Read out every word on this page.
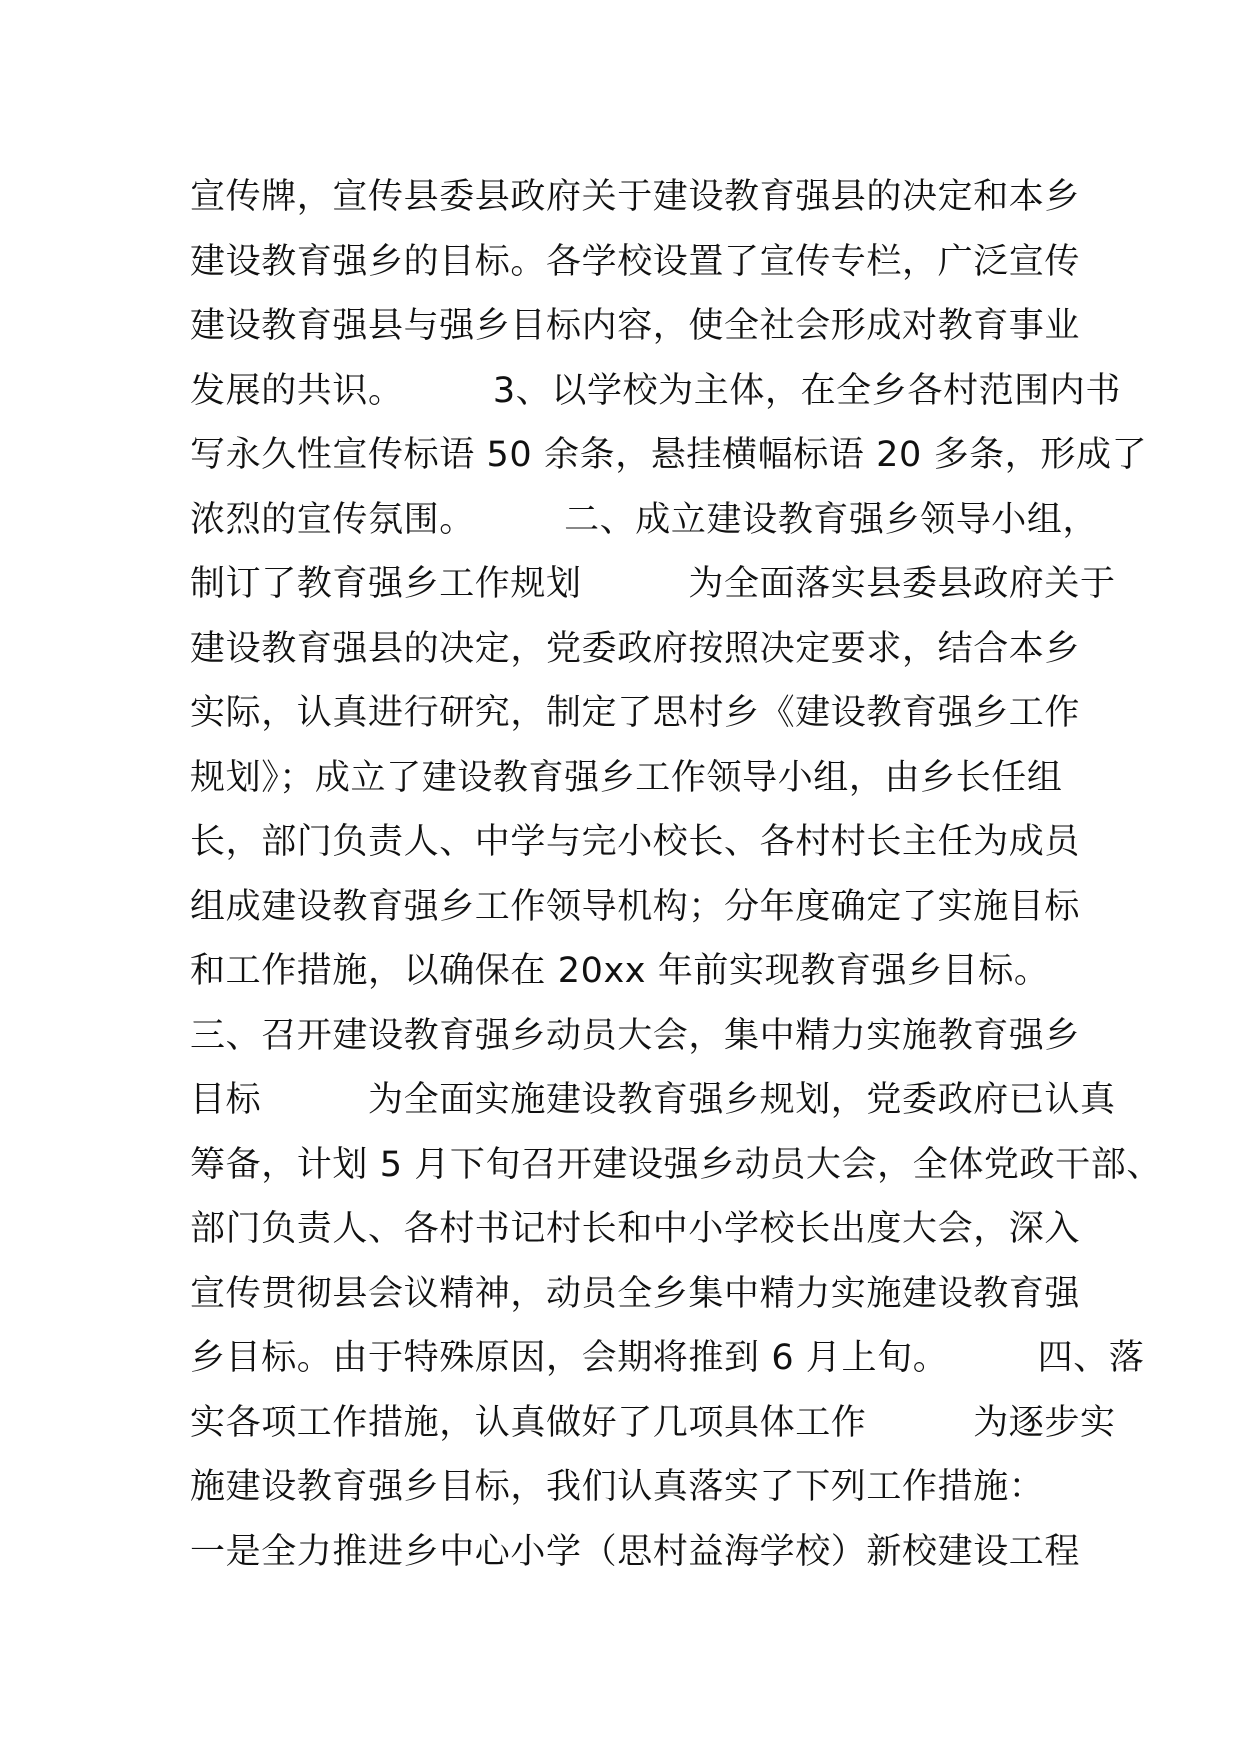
宣传牌，宣传县委县政府关于建设教育强县的决定和本乡
建设教育强乡的目标。各学校设置了宣传专栏，广泛宣传
建设教育强县与强乡目标内容，使全社会形成对教育事业
发展的共识。　　　3、以学校为主体，在全乡各村范围内书
写永久性宣传标语 50 余条，悬挂横幅标语 20 多条，形成了
浓烈的宣传氛围。　　　二、成立建设教育强乡领导小组，
制订了教育强乡工作规划　　　为全面落实县委县政府关于
建设教育强县的决定，党委政府按照决定要求，结合本乡
实际，认真进行研究，制定了思村乡《建设教育强乡工作
规划》；成立了建设教育强乡工作领导小组，由乡长任组
长，部门负责人、中学与完小校长、各村村长主任为成员
组成建设教育强乡工作领导机构；分年度确定了实施目标
和工作措施，以确保在 20xx 年前实现教育强乡目标。
三、召开建设教育强乡动员大会，集中精力实施教育强乡
目标　　　为全面实施建设教育强乡规划，党委政府已认真
筹备，计划 5 月下旬召开建设强乡动员大会，全体党政干部、
部门负责人、各村书记村长和中小学校长出度大会，深入
宣传贯彻县会议精神，动员全乡集中精力实施建设教育强
乡目标。由于特殊原因，会期将推到 6 月上旬。　　　四、落
实各项工作措施，认真做好了几项具体工作　　　为逐步实
施建设教育强乡目标，我们认真落实了下列工作措施：
一是全力推进乡中心小学（思村益海学校）新校建设工程
